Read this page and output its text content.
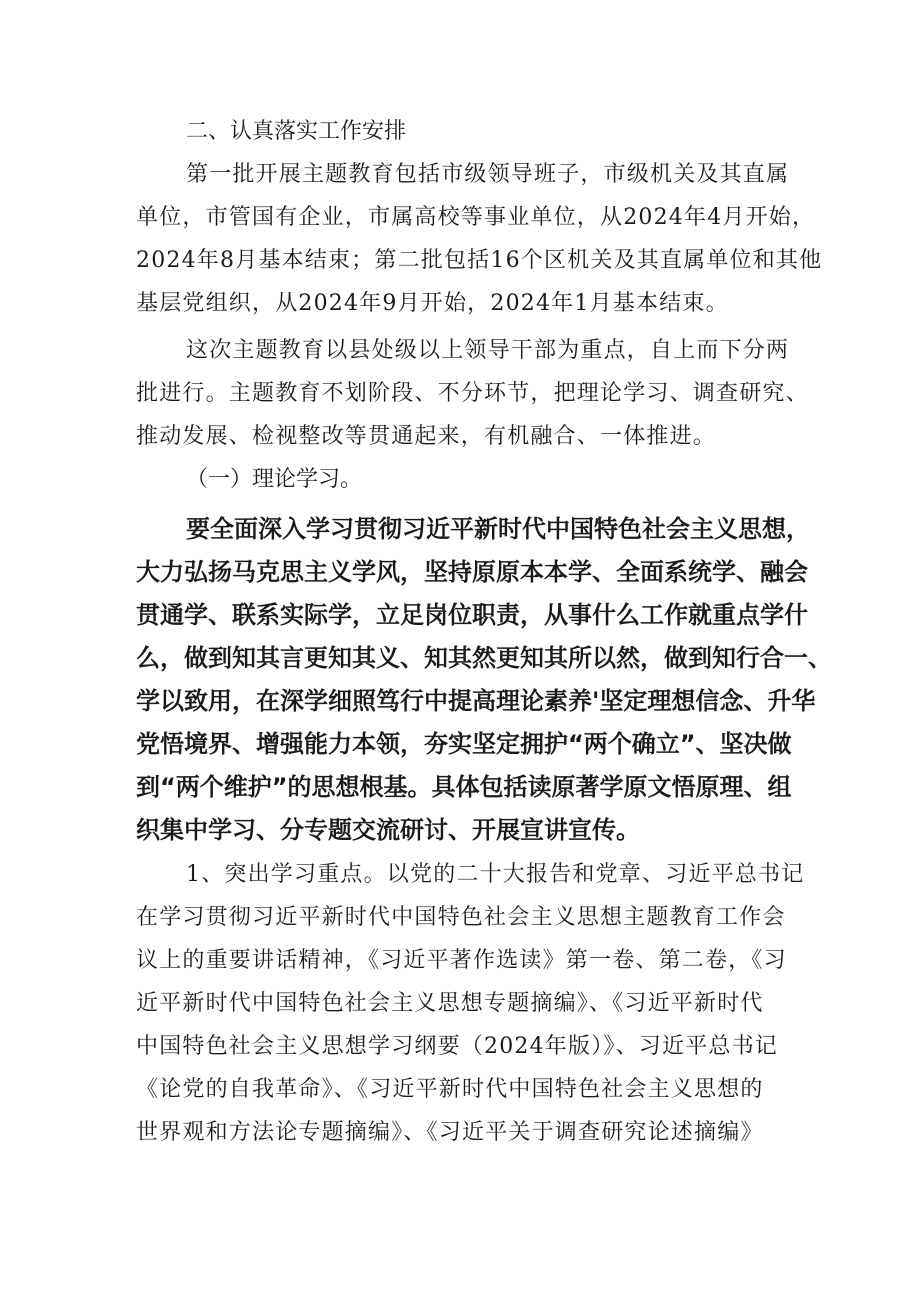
二、认真落实工作安排
第一批开展主题教育包括市级领导班子，市级机关及其直属
单位，市管国有企业，市属高校等事业单位，从2024年4月开始，
2024年8月基本结束；第二批包括16个区机关及其直属单位和其他
基层党组织，从2024年9月开始，2024年1月基本结束。
这次主题教育以县处级以上领导干部为重点，自上而下分两
批进行。主题教育不划阶段、不分环节，把理论学习、调查研究、
推动发展、检视整改等贯通起来，有机融合、一体推进。
（一）理论学习。
要全面深入学习贯彻习近平新时代中国特色社会主义思想，
大力弘扬马克思主义学风，坚持原原本本学、全面系统学、融会
贯通学、联系实际学，立足岗位职责，从事什么工作就重点学什
么，做到知其言更知其义、知其然更知其所以然，做到知行合一、
学以致用，在深学细照笃行中提高理论素养'坚定理想信念、升华
党悟境界、增强能力本领，夯实坚定拥护“两个确立”、坚决做
到“两个维护”的思想根基。具体包括读原著学原文悟原理、组
织集中学习、分专题交流研讨、开展宣讲宣传。
1、突出学习重点。以党的二十大报告和党章、习近平总书记
在学习贯彻习近平新时代中国特色社会主义思想主题教育工作会
议上的重要讲话精神，《习近平著作选读》第一卷、第二卷，《习
近平新时代中国特色社会主义思想专题摘编》、《习近平新时代
中国特色社会主义思想学习纲要（2024年版）》、习近平总书记
《论党的自我革命》、《习近平新时代中国特色社会主义思想的
世界观和方法论专题摘编》、《习近平关于调查研究论述摘编》
